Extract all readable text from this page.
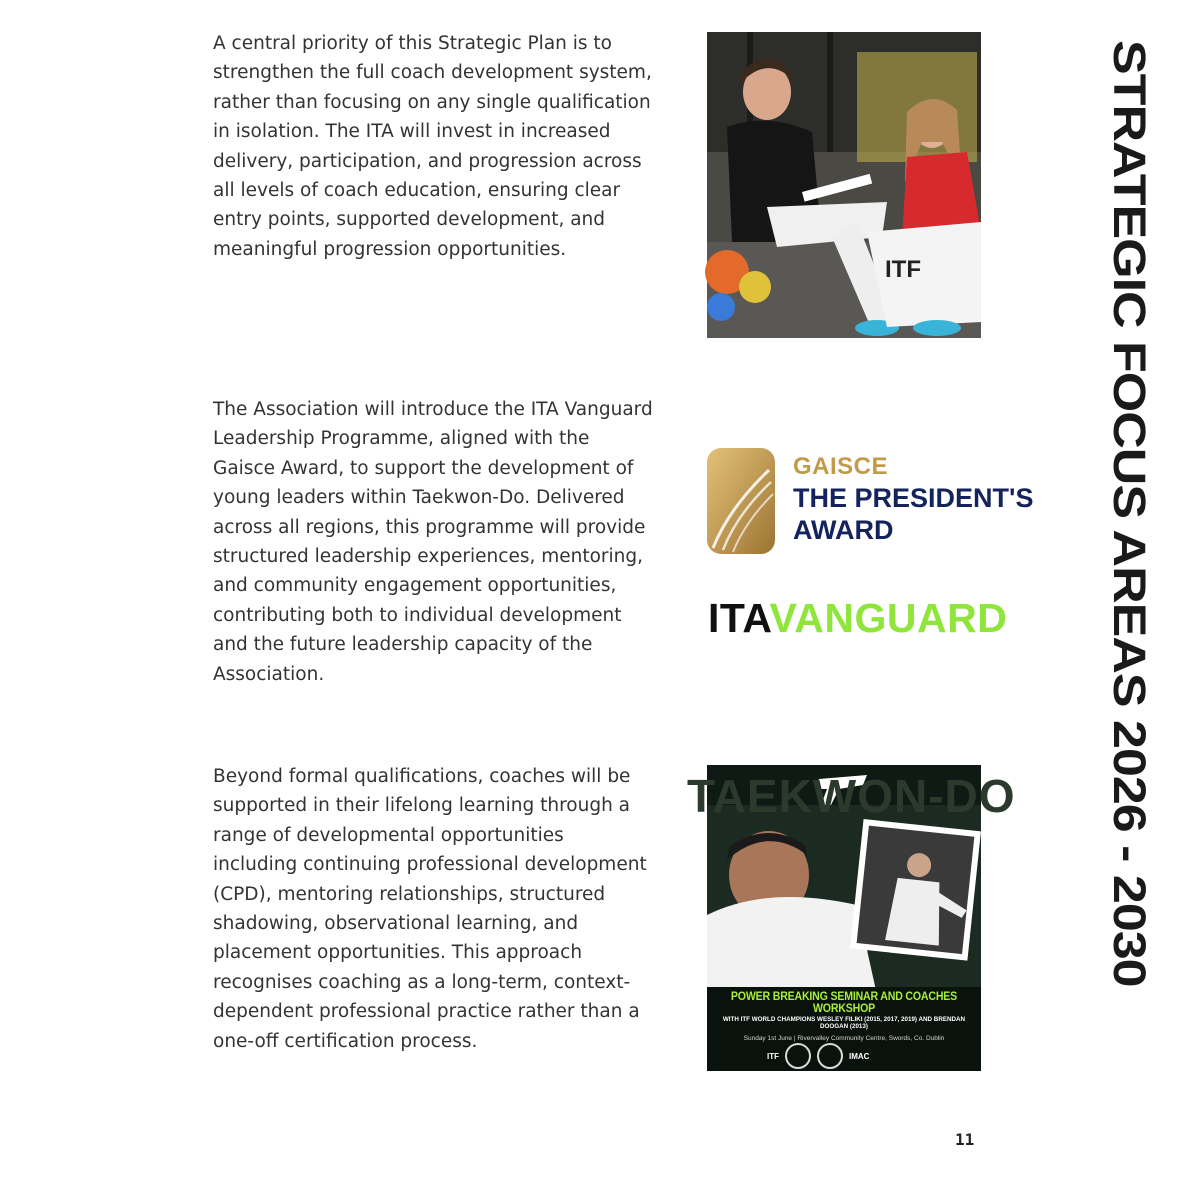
A central priority of this Strategic Plan is to strengthen the full coach development system, rather than focusing on any single qualification in isolation. The ITA will invest in increased delivery, participation, and progression across all levels of coach education, ensuring clear entry points, supported development, and meaningful progression opportunities.

The Association will introduce the ITA Vanguard Leadership Programme, aligned with the Gaisce Award, to support the development of young leaders within Taekwon-Do. Delivered across all regions, this programme will provide structured leadership experiences, mentoring, and community engagement opportunities, contributing both to individual development and the future leadership capacity of the Association.

Beyond formal qualifications, coaches will be supported in their lifelong learning through a range of developmental opportunities including continuing professional development (CPD), mentoring relationships, structured shadowing, observational learning, and placement opportunities. This approach recognises coaching as a long-term, context-dependent professional practice rather than a one-off certification process.

ITF
GAISCE
THE PRESIDENT'S
AWARD
ITAVANGUARD
TAEKWON-DO
POWER BREAKING SEMINAR AND COACHES WORKSHOP
WITH ITF WORLD CHAMPIONS WESLEY FILIKI (2015, 2017, 2019) AND BRENDAN DOOGAN (2013)
Sunday 1st June | Rivervalley Community Centre, Swords, Co. Dublin
ITF	IMAC
STRATEGIC FOCUS AREAS 2026 - 2030
11
